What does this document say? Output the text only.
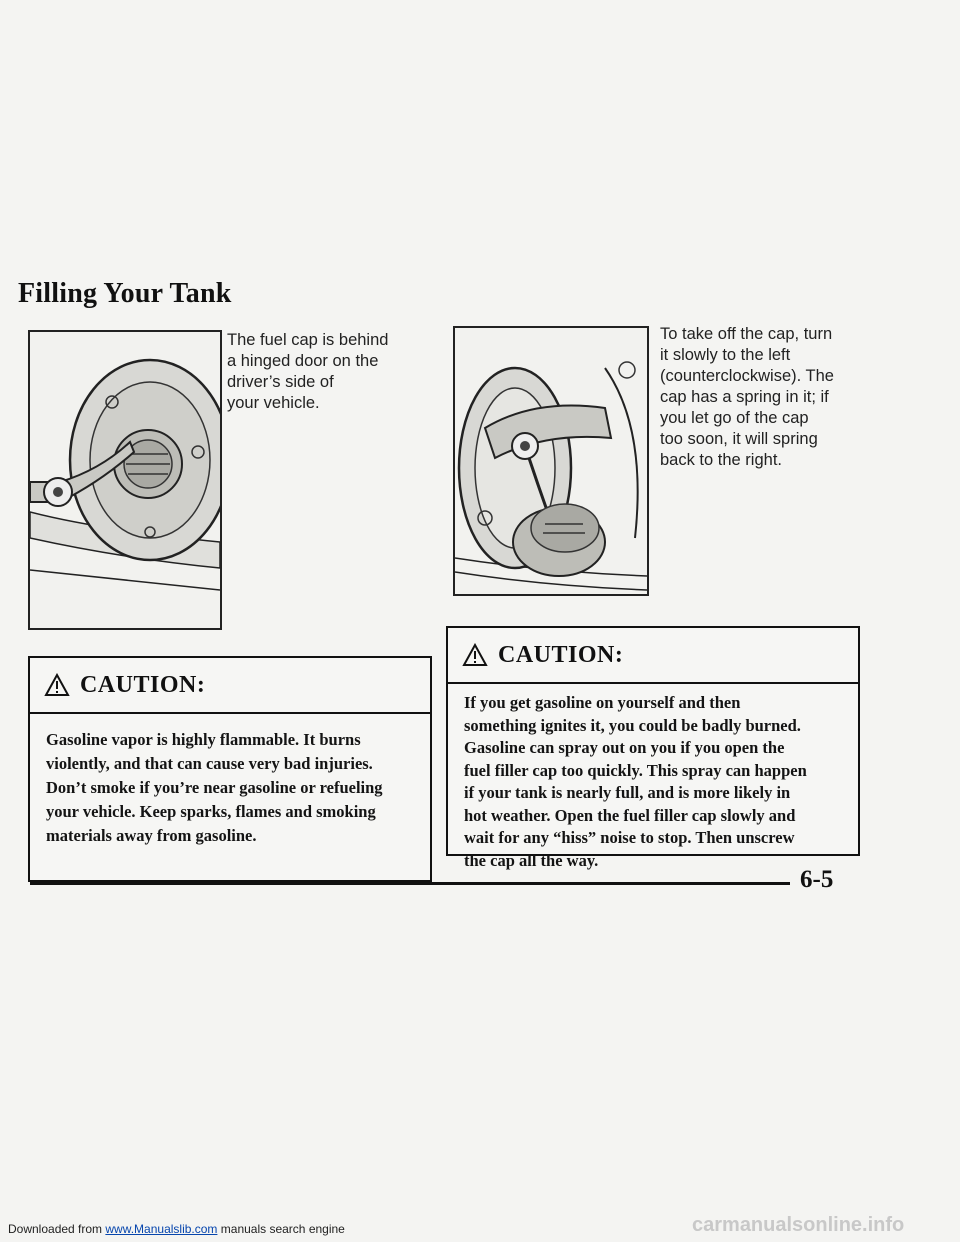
Filling Your Tank
The fuel cap is behind
a hinged door on the
driver’s side of
your vehicle.
To take off the cap, turn
it slowly to the left
(counterclockwise). The
cap has a spring in it; if
you let go of the cap
too soon, it will spring
back to the right.
CAUTION:
Gasoline vapor is highly flammable. It burns
violently, and that can cause very bad injuries.
Don’t smoke if you’re near gasoline or refueling
your vehicle. Keep sparks, flames and smoking
materials away from gasoline.
CAUTION:
If you get gasoline on yourself and then
something ignites it, you could be badly burned.
Gasoline can spray out on you if you open the
fuel filler cap too quickly. This spray can happen
if your tank is nearly full, and is more likely in
hot weather. Open the fuel filler cap slowly and
wait for any “hiss” noise to stop. Then unscrew
the cap all the way.
6-5
Downloaded from www.Manualslib.com manuals search engine	carmanualsonline.info
